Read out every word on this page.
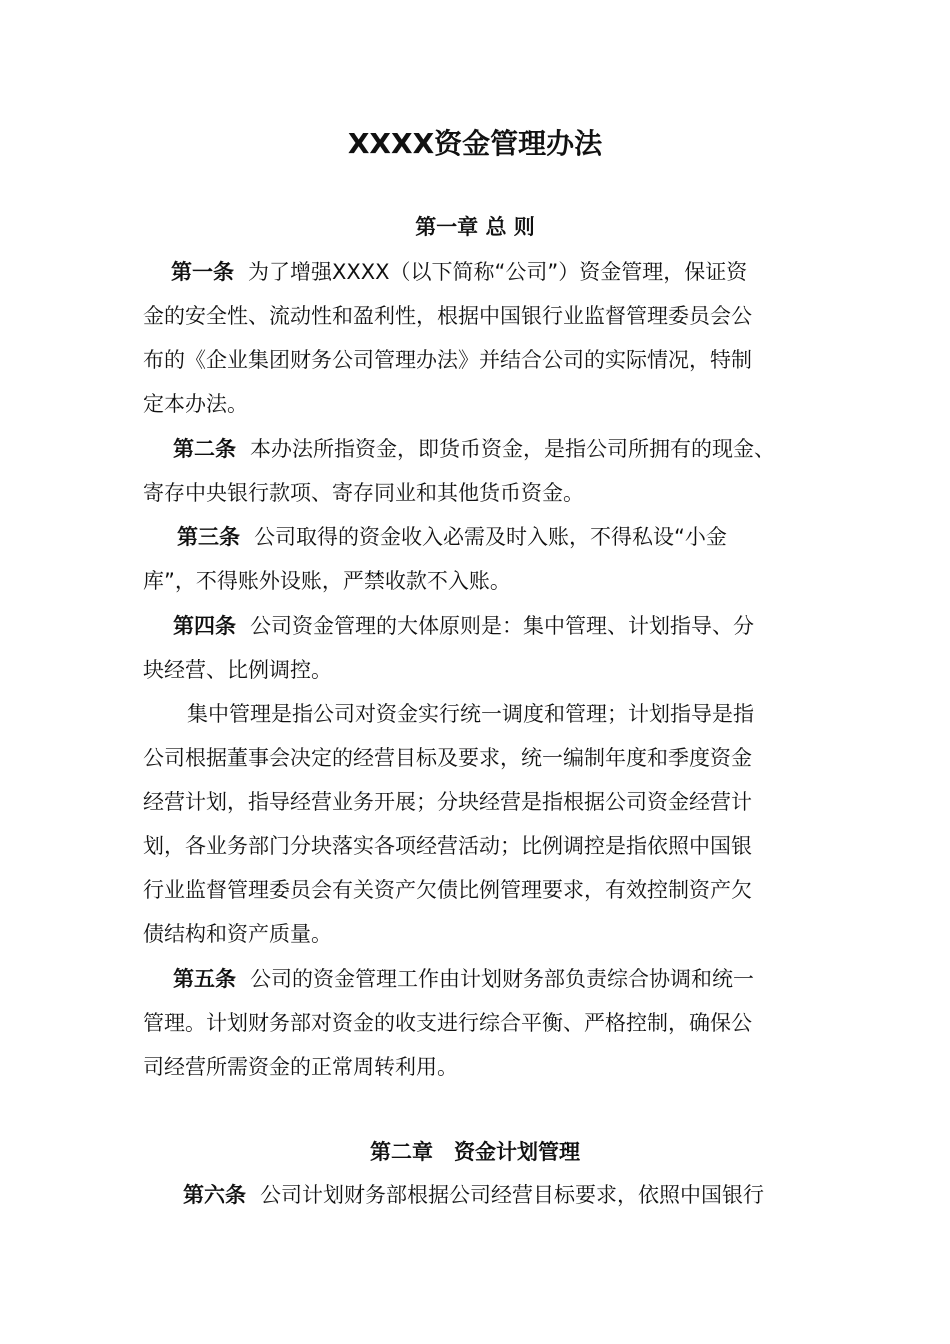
XXXX资金管理办法
第一章 总 则
第一条 为了增强XXXX（以下简称“公司”）资金管理，保证资
金的安全性、流动性和盈利性，根据中国银行业监督管理委员会公
布的《企业集团财务公司管理办法》并结合公司的实际情况，特制
定本办法。
第二条 本办法所指资金，即货币资金，是指公司所拥有的现金、
寄存中央银行款项、寄存同业和其他货币资金。
第三条 公司取得的资金收入必需及时入账，不得私设“小金
库”，不得账外设账，严禁收款不入账。
第四条 公司资金管理的大体原则是：集中管理、计划指导、分
块经营、比例调控。
集中管理是指公司对资金实行统一调度和管理；计划指导是指
公司根据董事会决定的经营目标及要求，统一编制年度和季度资金
经营计划，指导经营业务开展；分块经营是指根据公司资金经营计
划，各业务部门分块落实各项经营活动；比例调控是指依照中国银
行业监督管理委员会有关资产欠债比例管理要求，有效控制资产欠
债结构和资产质量。
第五条 公司的资金管理工作由计划财务部负责综合协调和统一
管理。计划财务部对资金的收支进行综合平衡、严格控制，确保公
司经营所需资金的正常周转利用。
第二章　资金计划管理
第六条 公司计划财务部根据公司经营目标要求，依照中国银行
